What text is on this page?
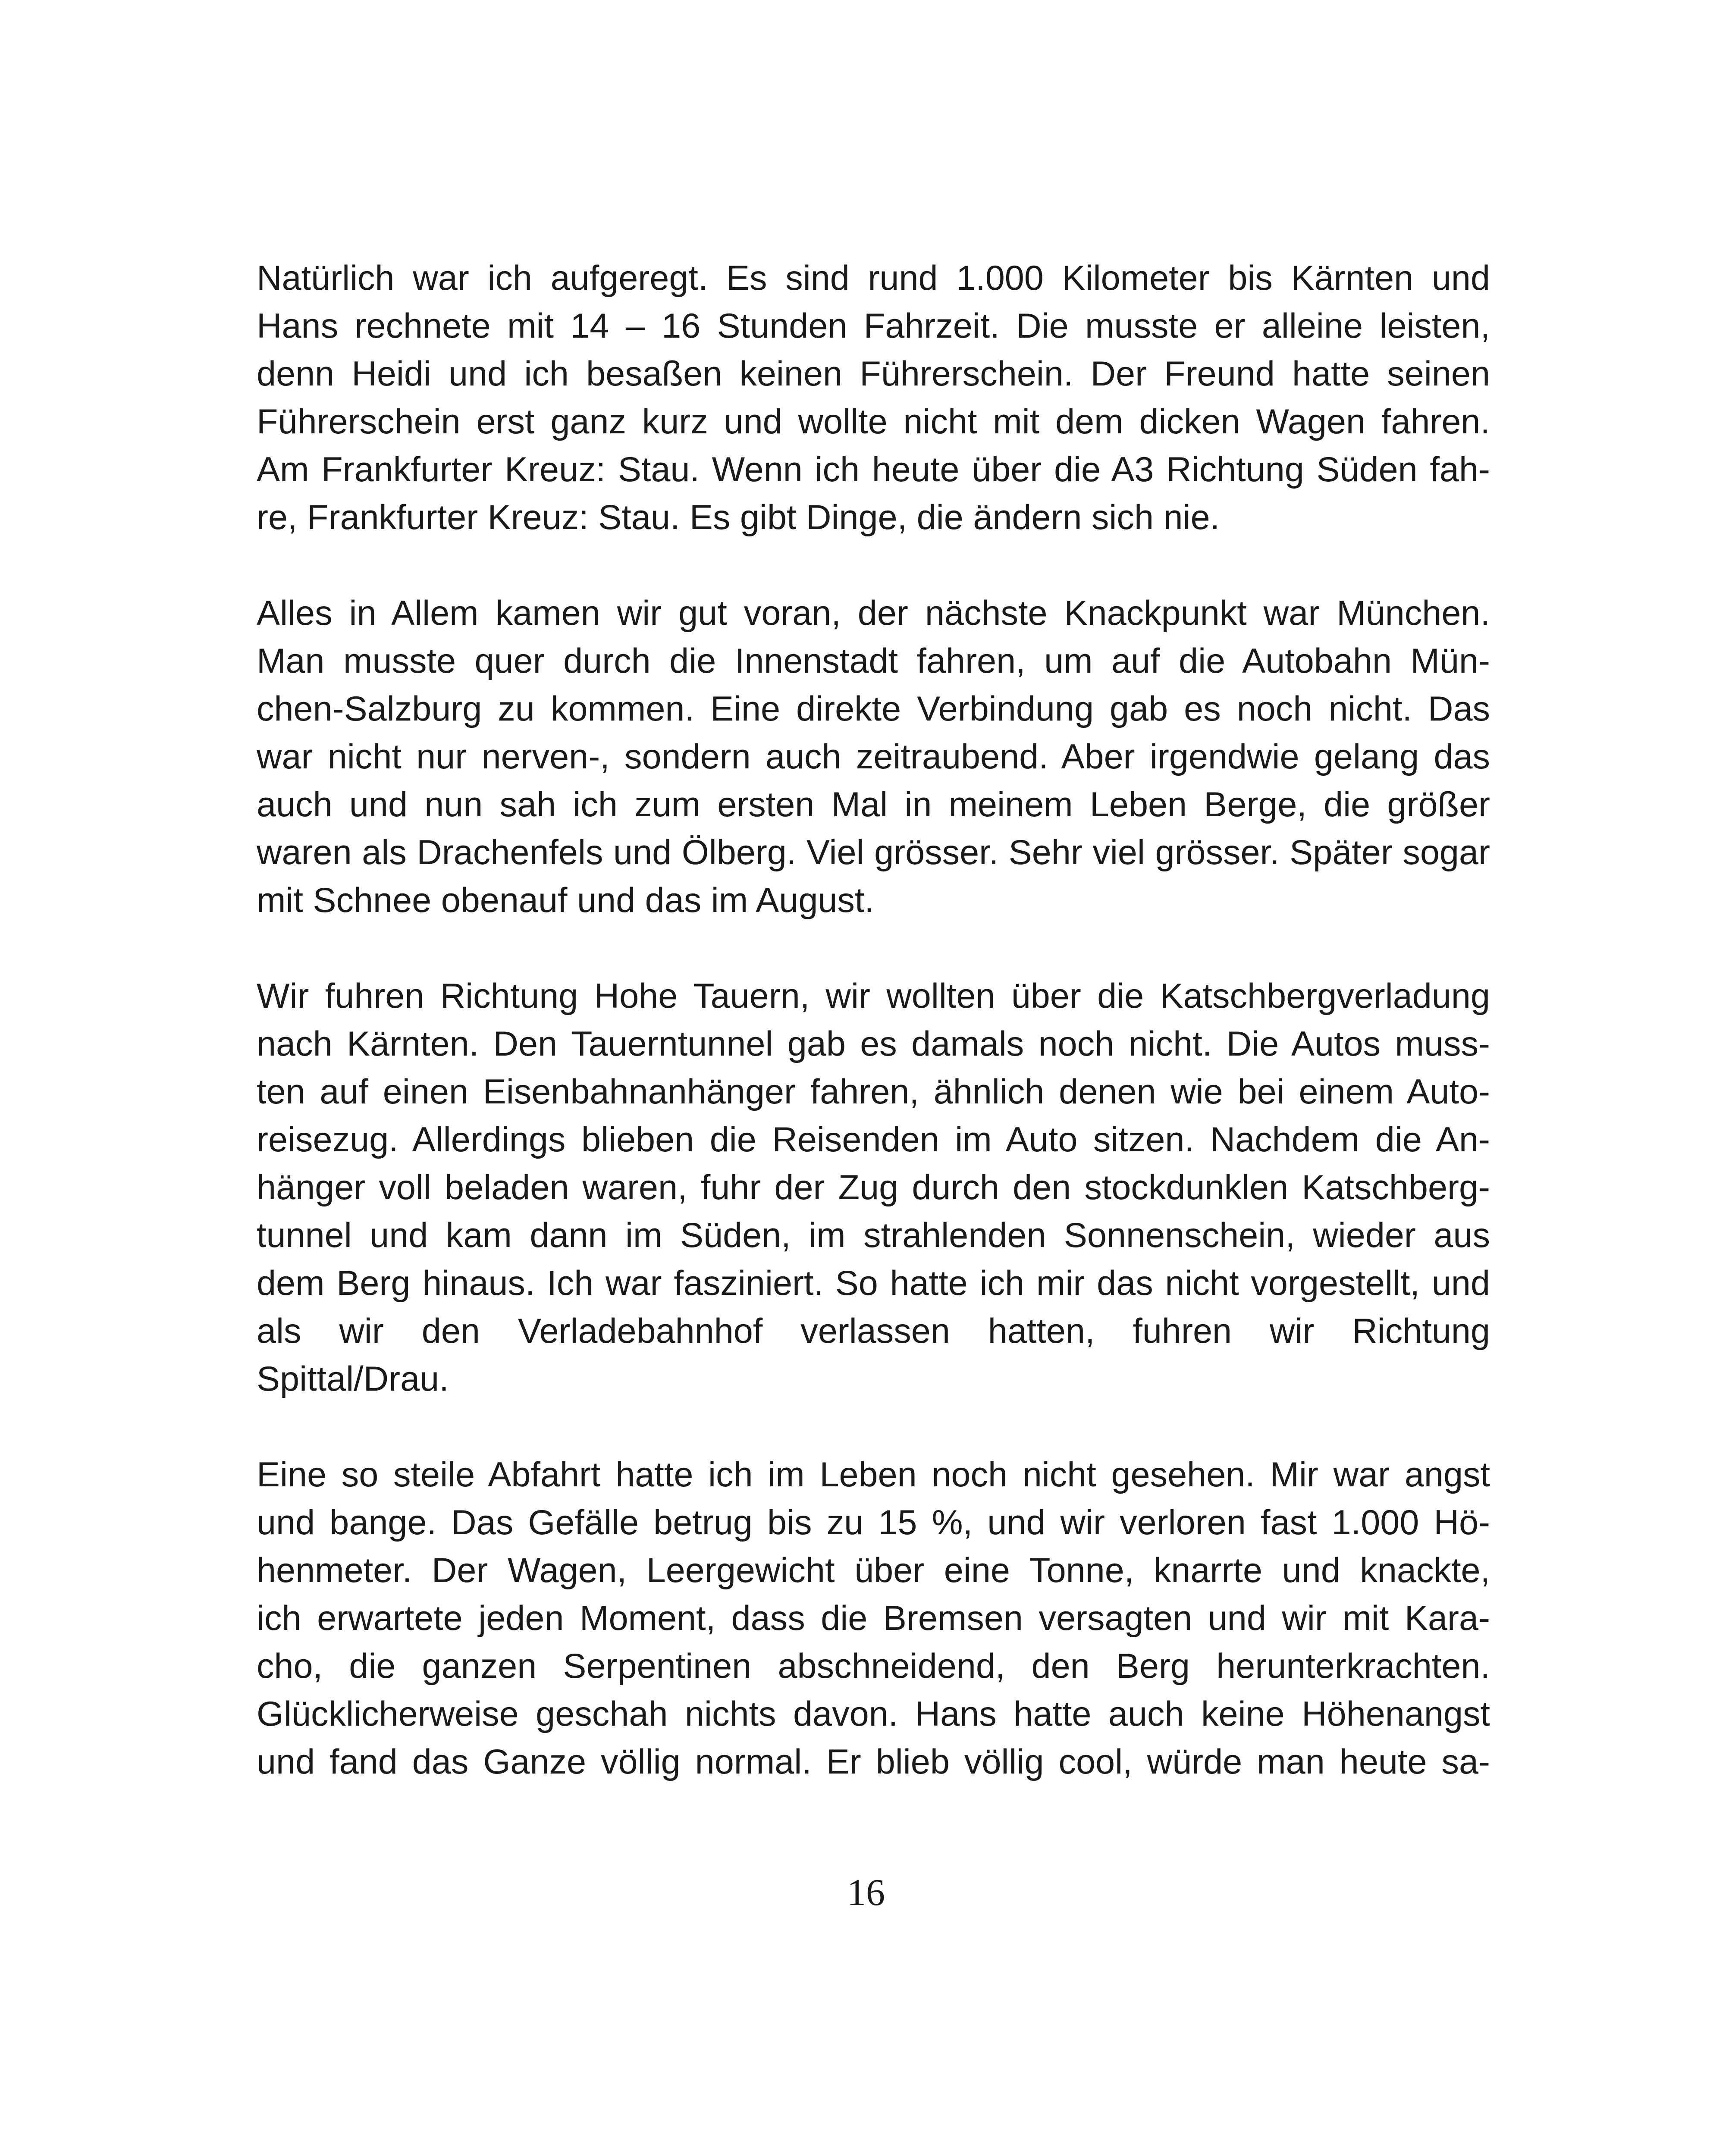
Natürlich war ich aufgeregt. Es sind rund 1.000 Kilometer bis Kärnten und
Hans rechnete mit 14 – 16 Stunden Fahrzeit. Die musste er alleine leisten,
denn Heidi und ich besaßen keinen Führerschein. Der Freund hatte seinen
Führerschein erst ganz kurz und wollte nicht mit dem dicken Wagen fahren.
Am Frankfurter Kreuz: Stau. Wenn ich heute über die A3 Richtung Süden fah-
re, Frankfurter Kreuz: Stau. Es gibt Dinge, die ändern sich nie.

Alles in Allem kamen wir gut voran, der nächste Knackpunkt war München.
Man musste quer durch die Innenstadt fahren, um auf die Autobahn Mün-
chen-Salzburg zu kommen. Eine direkte Verbindung gab es noch nicht. Das
war nicht nur nerven-, sondern auch zeitraubend. Aber irgendwie gelang das
auch und nun sah ich zum ersten Mal in meinem Leben Berge, die größer
waren als Drachenfels und Ölberg. Viel grösser. Sehr viel grösser. Später sogar
mit Schnee obenauf und das im August.

Wir fuhren Richtung Hohe Tauern, wir wollten über die Katschbergverladung
nach Kärnten. Den Tauerntunnel gab es damals noch nicht. Die Autos muss-
ten auf einen Eisenbahnanhänger fahren, ähnlich denen wie bei einem Auto-
reisezug. Allerdings blieben die Reisenden im Auto sitzen. Nachdem die An-
hänger voll beladen waren, fuhr der Zug durch den stockdunklen Katschberg-
tunnel und kam dann im Süden, im strahlenden Sonnenschein, wieder aus
dem Berg hinaus. Ich war fasziniert. So hatte ich mir das nicht vorgestellt, und
als wir den Verladebahnhof verlassen hatten, fuhren wir Richtung
Spittal/Drau.

Eine so steile Abfahrt hatte ich im Leben noch nicht gesehen. Mir war angst
und bange. Das Gefälle betrug bis zu 15 %, und wir verloren fast 1.000 Hö-
henmeter. Der Wagen, Leergewicht über eine Tonne, knarrte und knackte,
ich erwartete jeden Moment, dass die Bremsen versagten und wir mit Kara-
cho, die ganzen Serpentinen abschneidend, den Berg herunterkrachten.
Glücklicherweise geschah nichts davon. Hans hatte auch keine Höhenangst
und fand das Ganze völlig normal. Er blieb völlig cool, würde man heute sa-

16
